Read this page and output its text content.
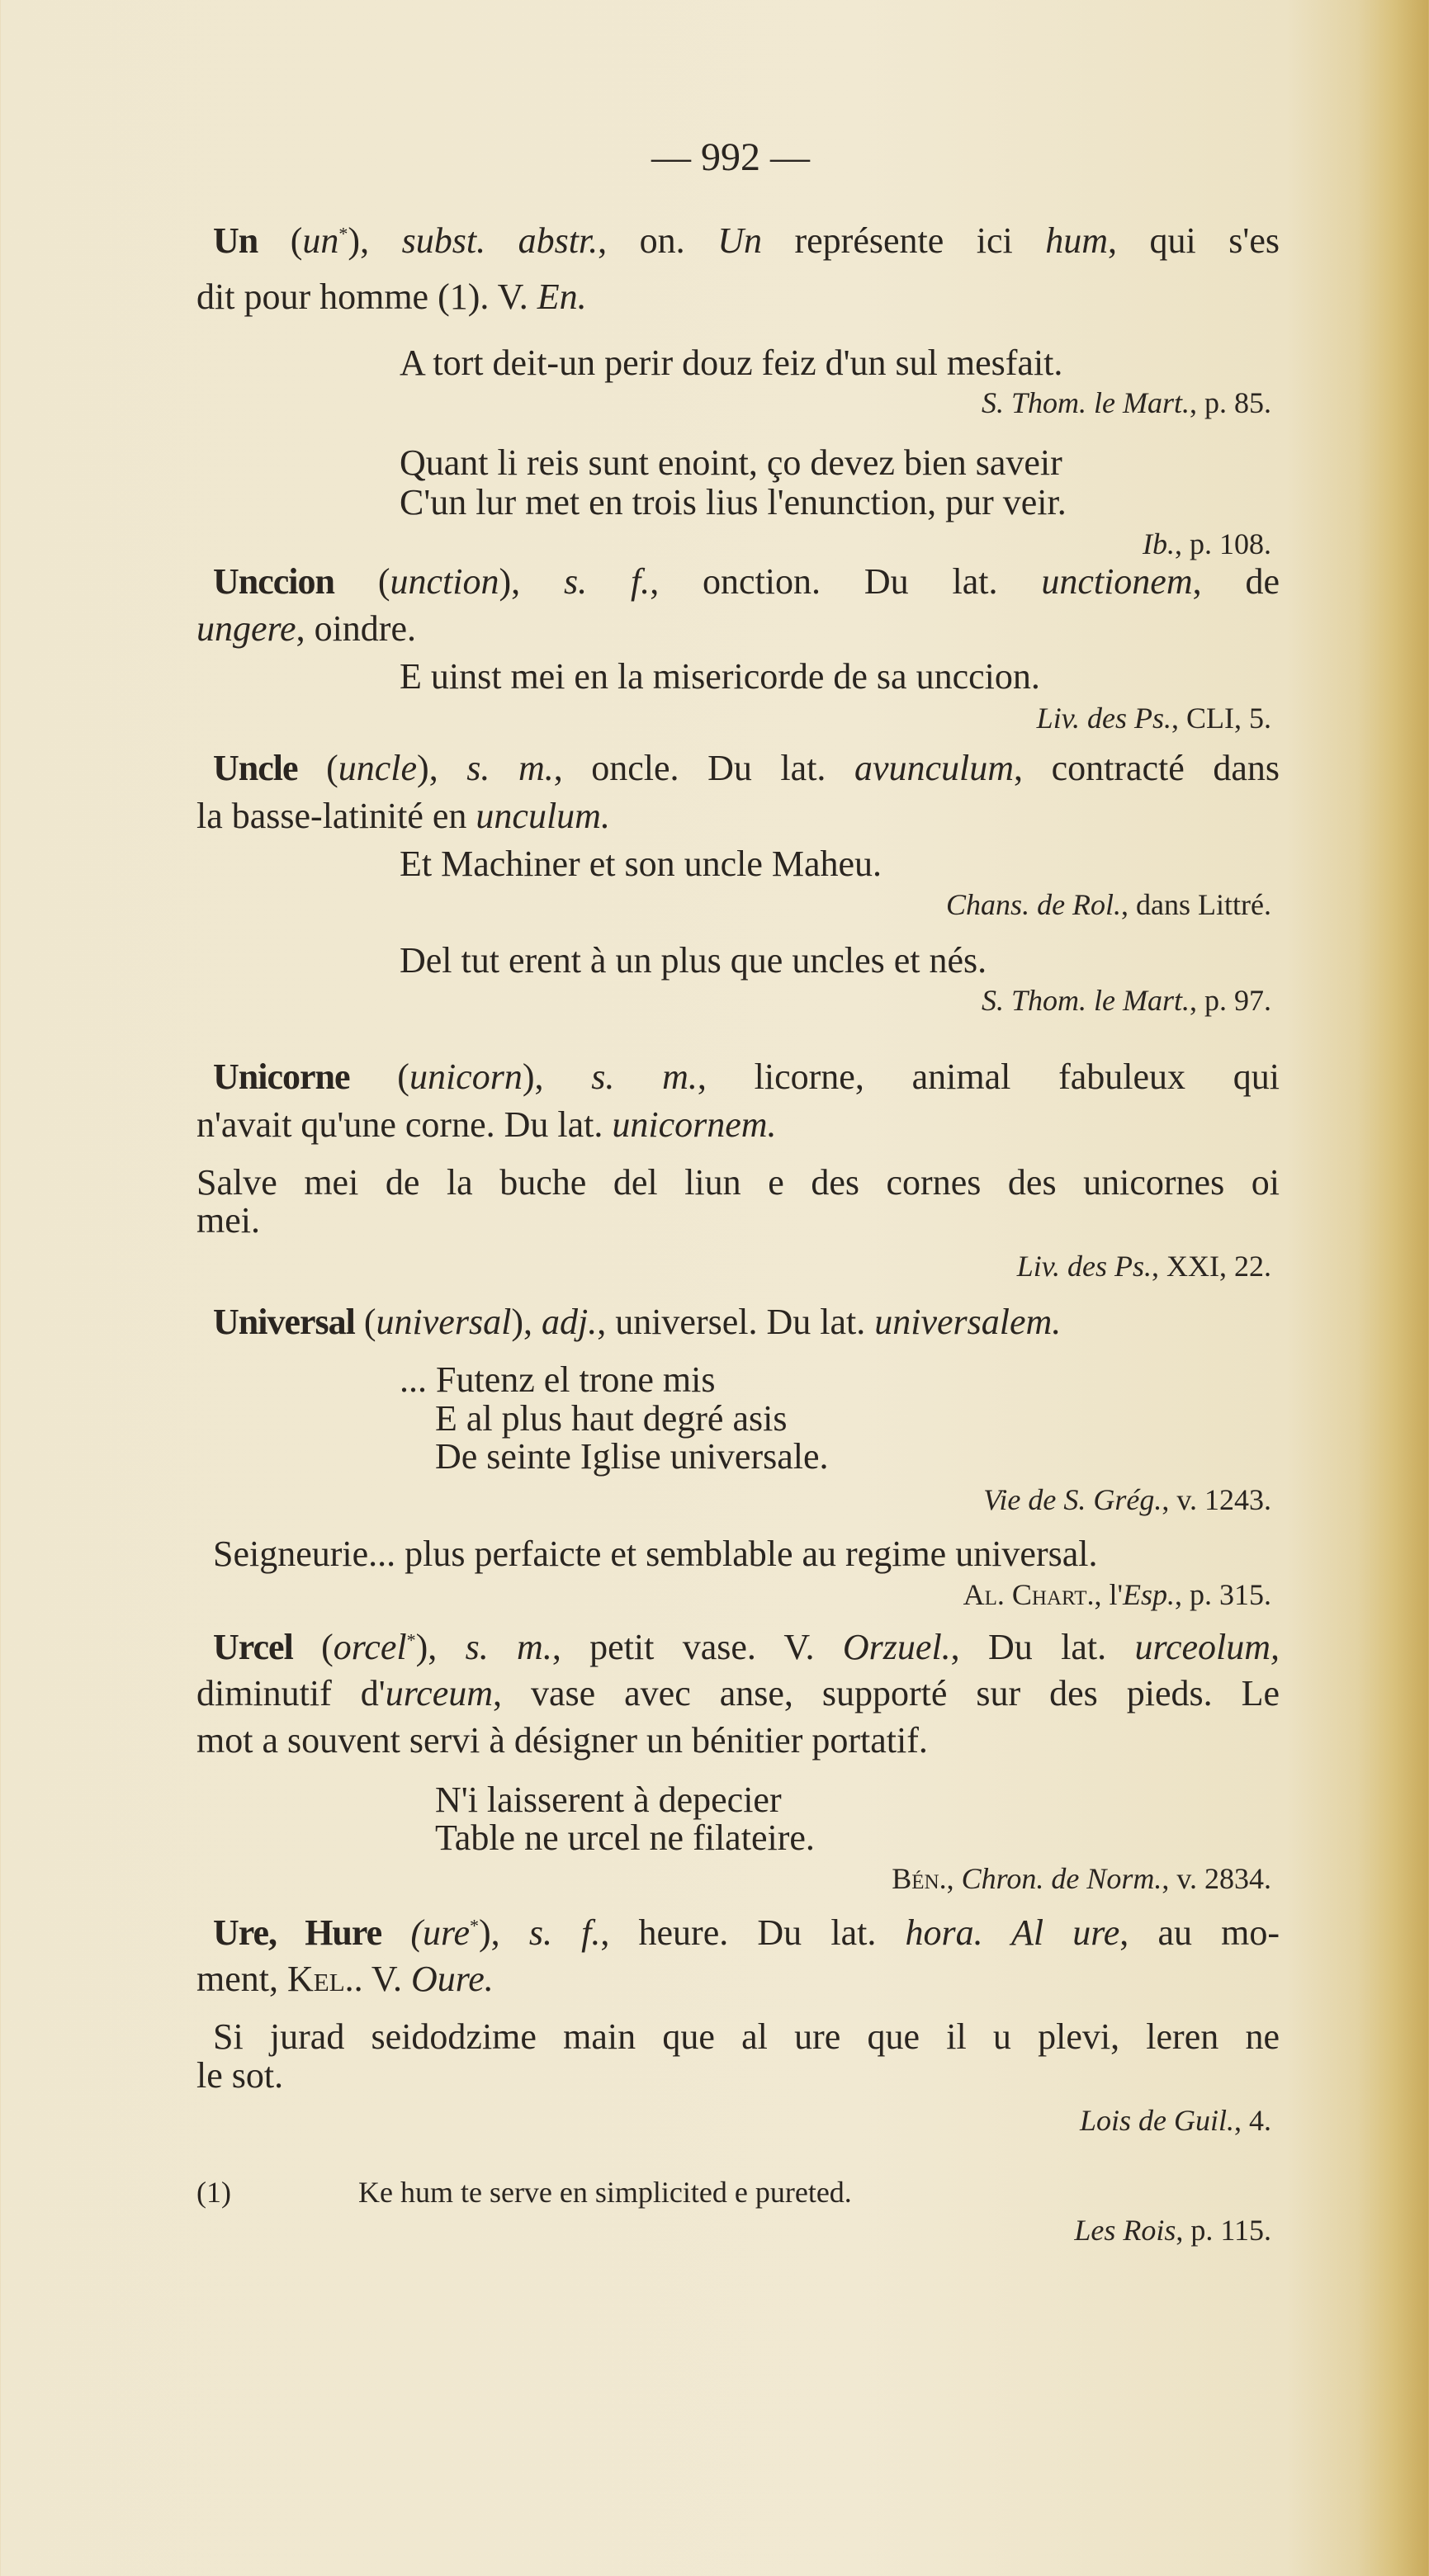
— 992 —
Un (un*), subst. abstr., on. Un représente ici hum, qui s'es
dit pour homme (1). V. En.
A tort deit-un perir douz feiz d'un sul mesfait.
S. Thom. le Mart., p. 85.
Quant li reis sunt enoint, ço devez bien saveir
C'un lur met en trois lius l'enunction, pur veir.
Ib., p. 108.
Unccion (unction), s. f., onction. Du lat. unctionem, de
ungere, oindre.
E uinst mei en la misericorde de sa unccion.
Liv. des Ps., CLI, 5.
Uncle (uncle), s. m., oncle. Du lat. avunculum, contracté dans
la basse-latinité en unculum.
Et Machiner et son uncle Maheu.
Chans. de Rol., dans Littré.
Del tut erent à un plus que uncles et nés.
S. Thom. le Mart., p. 97.
Unicorne (unicorn), s. m., licorne, animal fabuleux qui
n'avait qu'une corne. Du lat. unicornem.
Salve mei de la buche del liun e des cornes des unicornes oi
mei.
Liv. des Ps., XXI, 22.
Universal (universal), adj., universel. Du lat. universalem.
... Futenz el trone mis
E al plus haut degré asis
De seinte Iglise universale.
Vie de S. Grég., v. 1243.
Seigneurie... plus perfaicte et semblable au regime universal.
Al. Chart., l'Esp., p. 315.
Urcel (orcel*), s. m., petit vase. V. Orzuel., Du lat. urceolum,
diminutif d'urceum, vase avec anse, supporté sur des pieds. Le
mot a souvent servi à désigner un bénitier portatif.
N'i laisserent à depecier
Table ne urcel ne filateire.
Bén., Chron. de Norm., v. 2834.
Ure, Hure (ure*), s. f., heure. Du lat. hora. Al ure, au mo-
ment, Kel.. V. Oure.
Si jurad seidodzime main que al ure que il u plevi, leren ne
le sot.
Lois de Guil., 4.
(1)	Ke hum te serve en simplicited e pureted.
Les Rois, p. 115.
